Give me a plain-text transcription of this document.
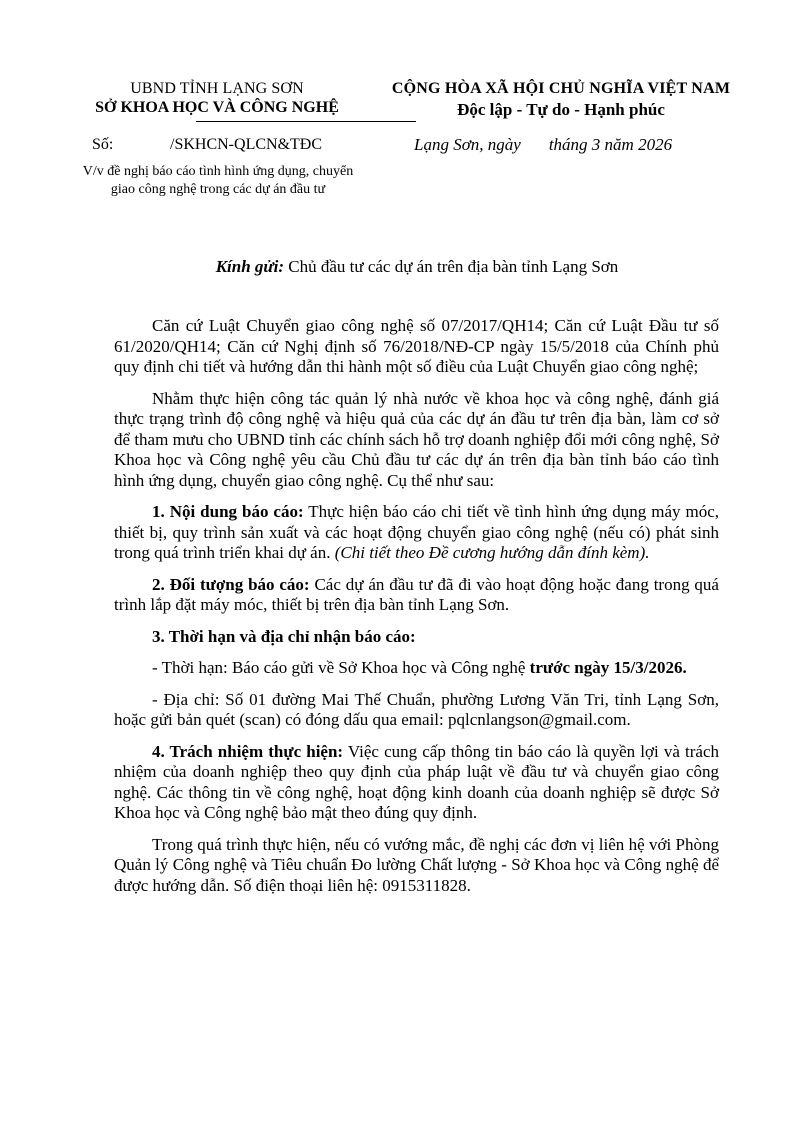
UBND TỈNH LẠNG SƠN
SỞ KHOA HỌC VÀ CÔNG NGHỆ
CỘNG HÒA XÃ HỘI CHỦ NGHĨA VIỆT NAM
Độc lập - Tự do - Hạnh phúc
Số:	/SKHCN-QLCN&TĐC	Lạng Sơn, ngày tháng 3 năm 2026
V/v đề nghị báo cáo tình hình ứng dụng, chuyển giao công nghệ trong các dự án đầu tư
Kính gửi: Chủ đầu tư các dự án trên địa bàn tỉnh Lạng Sơn

Căn cứ Luật Chuyển giao công nghệ số 07/2017/QH14; Căn cứ Luật Đầu tư số 61/2020/QH14; Căn cứ Nghị định số 76/2018/NĐ-CP ngày 15/5/2018 của Chính phủ quy định chi tiết và hướng dẫn thi hành một số điều của Luật Chuyển giao công nghệ;

Nhằm thực hiện công tác quản lý nhà nước về khoa học và công nghệ, đánh giá thực trạng trình độ công nghệ và hiệu quả của các dự án đầu tư trên địa bàn, làm cơ sở để tham mưu cho UBND tỉnh các chính sách hỗ trợ doanh nghiệp đổi mới công nghệ, Sở Khoa học và Công nghệ yêu cầu Chủ đầu tư các dự án trên địa bàn tỉnh báo cáo tình hình ứng dụng, chuyển giao công nghệ. Cụ thể như sau:

1. Nội dung báo cáo: Thực hiện báo cáo chi tiết về tình hình ứng dụng máy móc, thiết bị, quy trình sản xuất và các hoạt động chuyển giao công nghệ (nếu có) phát sinh trong quá trình triển khai dự án. (Chi tiết theo Đề cương hướng dẫn đính kèm).

2. Đối tượng báo cáo: Các dự án đầu tư đã đi vào hoạt động hoặc đang trong quá trình lắp đặt máy móc, thiết bị trên địa bàn tỉnh Lạng Sơn.

3. Thời hạn và địa chỉ nhận báo cáo:

- Thời hạn: Báo cáo gửi về Sở Khoa học và Công nghệ trước ngày 15/3/2026.

- Địa chỉ: Số 01 đường Mai Thế Chuẩn, phường Lương Văn Tri, tỉnh Lạng Sơn, hoặc gửi bản quét (scan) có đóng dấu qua email: pqlcnlangson@gmail.com.

4. Trách nhiệm thực hiện: Việc cung cấp thông tin báo cáo là quyền lợi và trách nhiệm của doanh nghiệp theo quy định của pháp luật về đầu tư và chuyển giao công nghệ. Các thông tin về công nghệ, hoạt động kinh doanh của doanh nghiệp sẽ được Sở Khoa học và Công nghệ bảo mật theo đúng quy định.

Trong quá trình thực hiện, nếu có vướng mắc, đề nghị các đơn vị liên hệ với Phòng Quản lý Công nghệ và Tiêu chuẩn Đo lường Chất lượng - Sở Khoa học và Công nghệ để được hướng dẫn. Số điện thoại liên hệ: 0915311828.
